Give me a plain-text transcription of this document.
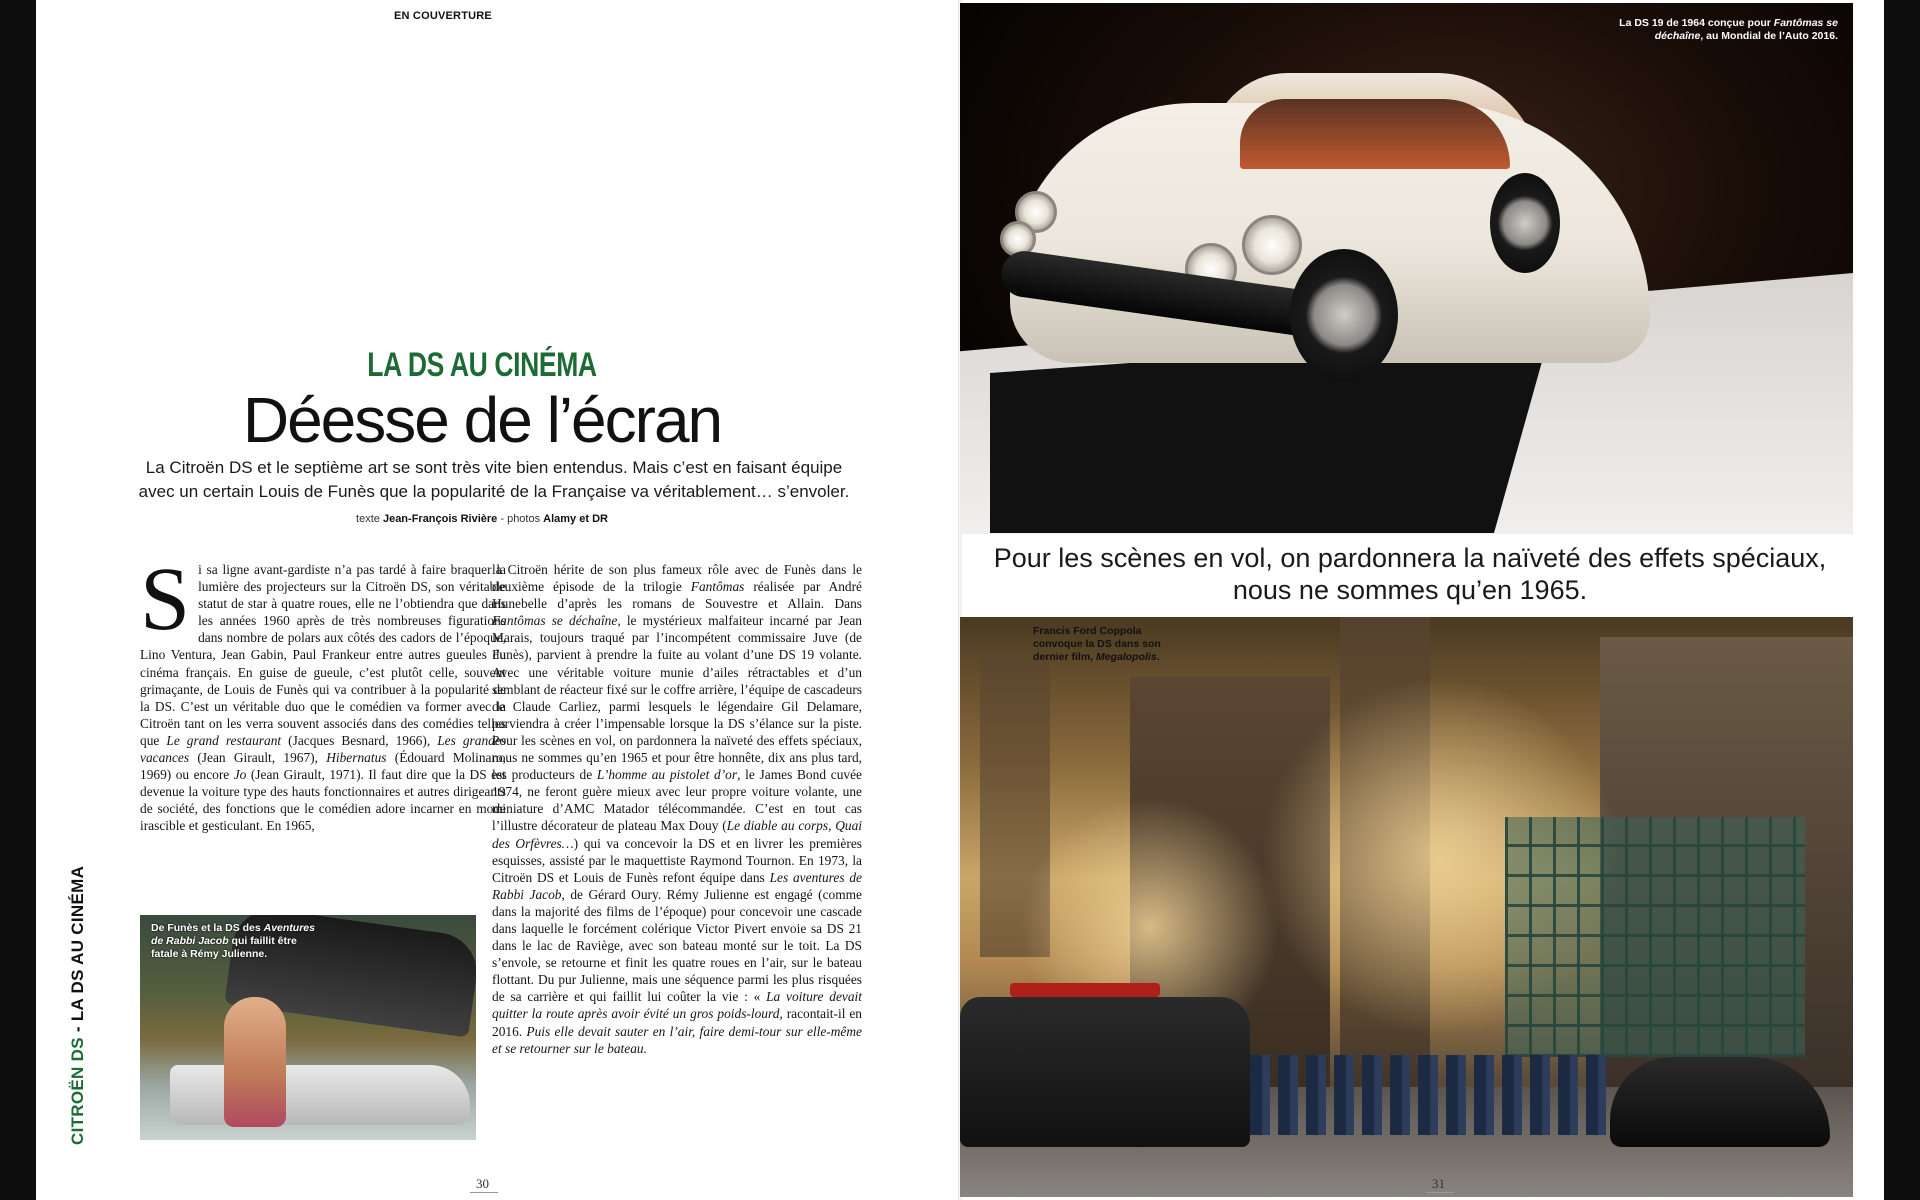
EN COUVERTURE
LA DS AU CINÉMA
Déesse de l’écran
La Citroën DS et le septième art se sont très vite bien entendus. Mais c’est en faisant équipe avec un certain Louis de Funès que la popularité de la Française va véritablement… s’envoler.
texte Jean-François Rivière - photos Alamy et DR
S i sa ligne avant-gardiste n’a pas tardé à faire braquer la lumière des projecteurs sur la Citroën DS, son véritable statut de star à quatre roues, elle ne l’obtiendra que dans les années 1960 après de très nombreuses figurations dans nombre de polars aux côtés des cadors de l’époque, Lino Ventura, Jean Gabin, Paul Frankeur entre autres gueules du cinéma français. En guise de gueule, c’est plutôt celle, souvent grimaçante, de Louis de Funès qui va contribuer à la popularité de la DS. C’est un véritable duo que le comédien va former avec la Citroën tant on les verra souvent associés dans des comédies telles que Le grand restaurant (Jacques Besnard, 1966), Les grandes vacances (Jean Girault, 1967), Hibernatus (Édouard Molinaro, 1969) ou encore Jo (Jean Girault, 1971). Il faut dire que la DS est devenue la voiture type des hauts fonctionnaires et autres dirigeants de société, des fonctions que le comédien adore incarner en mode irascible et gesticulant. En 1965,
la Citroën hérite de son plus fameux rôle avec de Funès dans le deuxième épisode de la trilogie Fantômas réalisée par André Hunebelle d’après les romans de Souvestre et Allain. Dans Fantômas se déchaîne, le mystérieux malfaiteur incarné par Jean Marais, toujours traqué par l’incompétent commissaire Juve (de Funès), parvient à prendre la fuite au volant d’une DS 19 volante. Avec une véritable voiture munie d’ailes rétractables et d’un semblant de réacteur fixé sur le coffre arrière, l’équipe de cascadeurs de Claude Carliez, parmi lesquels le légendaire Gil Delamare, parviendra à créer l’impensable lorsque la DS s’élance sur la piste. Pour les scènes en vol, on pardonnera la naïveté des effets spéciaux, nous ne sommes qu’en 1965 et pour être honnête, dix ans plus tard, les producteurs de L’homme au pistolet d’or, le James Bond cuvée 1974, ne feront guère mieux avec leur propre voiture volante, une miniature d’AMC Matador télécommandée. C’est en tout cas l’illustre décorateur de plateau Max Douy (Le diable au corps, Quai des Orfèvres…) qui va concevoir la DS et en livrer les premières esquisses, assisté par le maquettiste Raymond Tournon. En 1973, la Citroën DS et Louis de Funès refont équipe dans Les aventures de Rabbi Jacob, de Gérard Oury. Rémy Julienne est engagé (comme dans la majorité des films de l’époque) pour concevoir une cascade dans laquelle le forcément colérique Victor Pivert envoie sa DS 21 dans le lac de Raviège, avec son bateau monté sur le toit. La DS s’envole, se retourne et finit les quatre roues en l’air, sur le bateau flottant. Du pur Julienne, mais une séquence parmi les plus risquées de sa carrière et qui faillit lui coûter la vie : « La voiture devait quitter la route après avoir évité un gros poids-lourd, racontait-il en 2016. Puis elle devait sauter en l’air, faire demi-tour sur elle-même et se retourner sur le bateau.
CITROËN DS - LA DS AU CINÉMA	De Funès et la DS des Aventures de Rabbi Jacob qui faillit être fatale à Rémy Julienne.
La DS 19 de 1964 conçue pour Fantômas se déchaîne, au Mondial de l’Auto 2016.
Pour les scènes en vol, on pardonnera la naïveté des effets spéciaux, nous ne sommes qu’en 1965.
Francis Ford Coppola convoque la DS dans son dernier film, Megalopolis.
30	31
